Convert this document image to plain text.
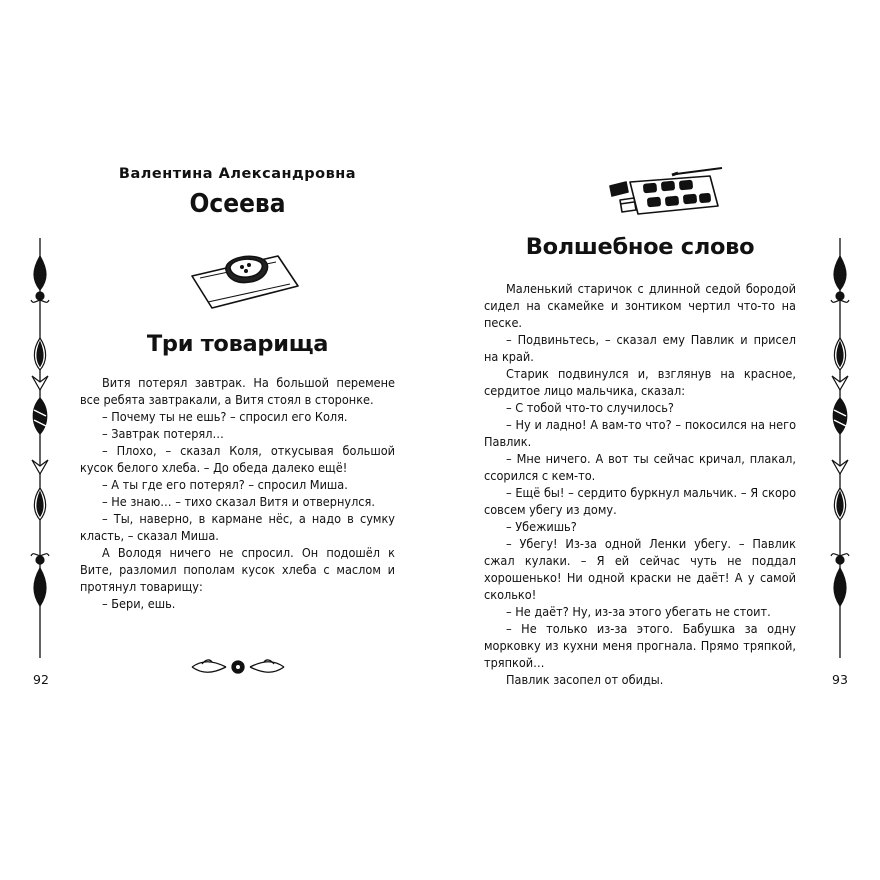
Валентина Александровна
Осеева
Три товарища

Витя потерял завтрак. На большой перемене все ребята завтракали, а Витя стоял в сторонке.

– Почему ты не ешь? – спросил его Коля.

– Завтрак потерял…

– Плохо, – сказал Коля, откусывая большой кусок белого хлеба. – До обеда далеко ещё!

– А ты где его потерял? – спросил Миша.

– Не знаю… – тихо сказал Витя и отвернулся.

– Ты, наверно, в кармане нёс, а надо в сумку класть, – сказал Миша.

А Володя ничего не спросил. Он подошёл к Вите, разломил пополам кусок хлеба с маслом и протянул товарищу:

– Бери, ешь.

92
Волшебное слово

Маленький старичок с длинной седой бородой сидел на скамейке и зонтиком чертил что-то на песке.

– Подвиньтесь, – сказал ему Павлик и присел на край.

Старик подвинулся и, взглянув на красное, сердитое лицо мальчика, сказал:

– С тобой что-то случилось?

– Ну и ладно! А вам-то что? – покосился на него Павлик.

– Мне ничего. А вот ты сейчас кричал, плакал, ссорился с кем-то.

– Ещё бы! – сердито буркнул мальчик. – Я скоро совсем убегу из дому.

– Убежишь?

– Убегу! Из-за одной Ленки убегу. – Павлик сжал кулаки. – Я ей сейчас чуть не поддал хорошенько! Ни одной краски не даёт! А у самой сколько!

– Не даёт? Ну, из-за этого убегать не стоит.

– Не только из-за этого. Бабушка за одну морковку из кухни меня прогнала. Прямо тряпкой, тряпкой…

Павлик засопел от обиды.	93
